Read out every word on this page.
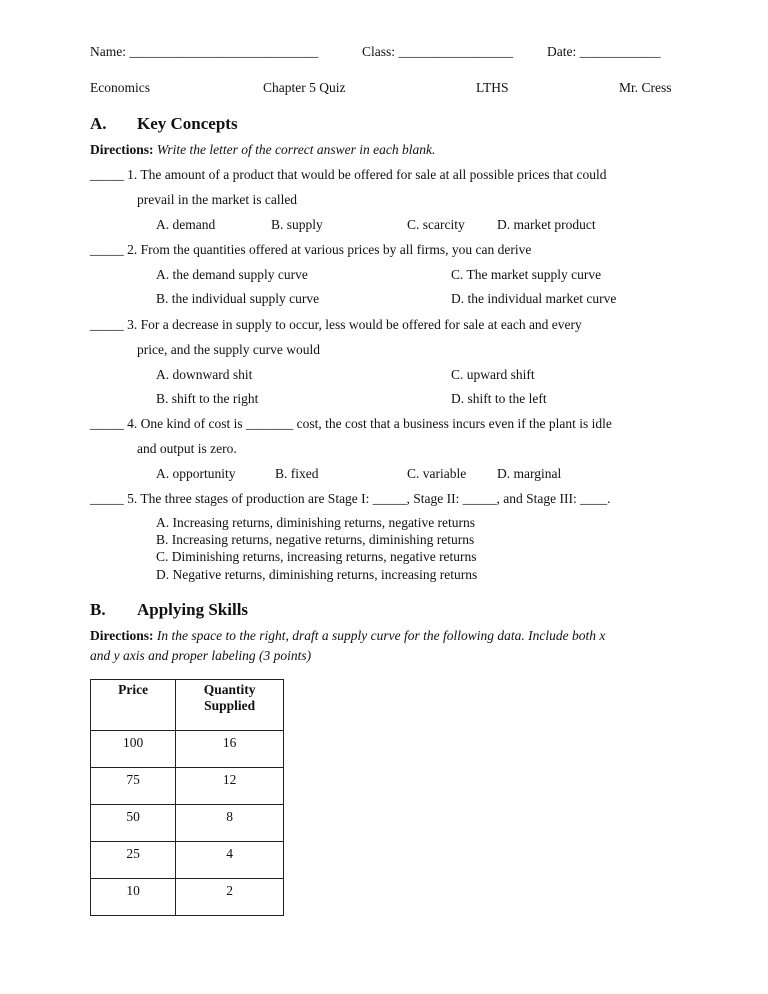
Name: ____________________________	Class: _________________	Date: ____________
Economics	Chapter 5 Quiz	LTHS	Mr. Cress
A. Key Concepts
Directions: Write the letter of the correct answer in each blank.
_____ 1. The amount of a product that would be offered for sale at all possible prices that could
prevail in the market is called
A. demand	B. supply	C. scarcity D. market product
_____ 2. From the quantities offered at various prices by all firms, you can derive
A. the demand supply curve	C. The market supply curve
B. the individual supply curve	D. the individual market curve
_____ 3. For a decrease in supply to occur, less would be offered for sale at each and every
price, and the supply curve would
A. downward shit	C. upward shift
B. shift to the right	D. shift to the left
_____ 4. One kind of cost is _______ cost, the cost that a business incurs even if the plant is idle
and output is zero.
A. opportunity	B. fixed	C. variable D. marginal
_____ 5. The three stages of production are Stage I: _____, Stage II: _____, and Stage III: ____.
A. Increasing returns, diminishing returns, negative returns
B. Increasing returns, negative returns, diminishing returns
C. Diminishing returns, increasing returns, negative returns
D. Negative returns, diminishing returns, increasing returns
B. Applying Skills
Directions: In the space to the right, draft a supply curve for the following data. Include both x
and y axis and proper labeling (3 points)
Price	Quantity Supplied
100	16
75	12
50	8
25	4
10	2
